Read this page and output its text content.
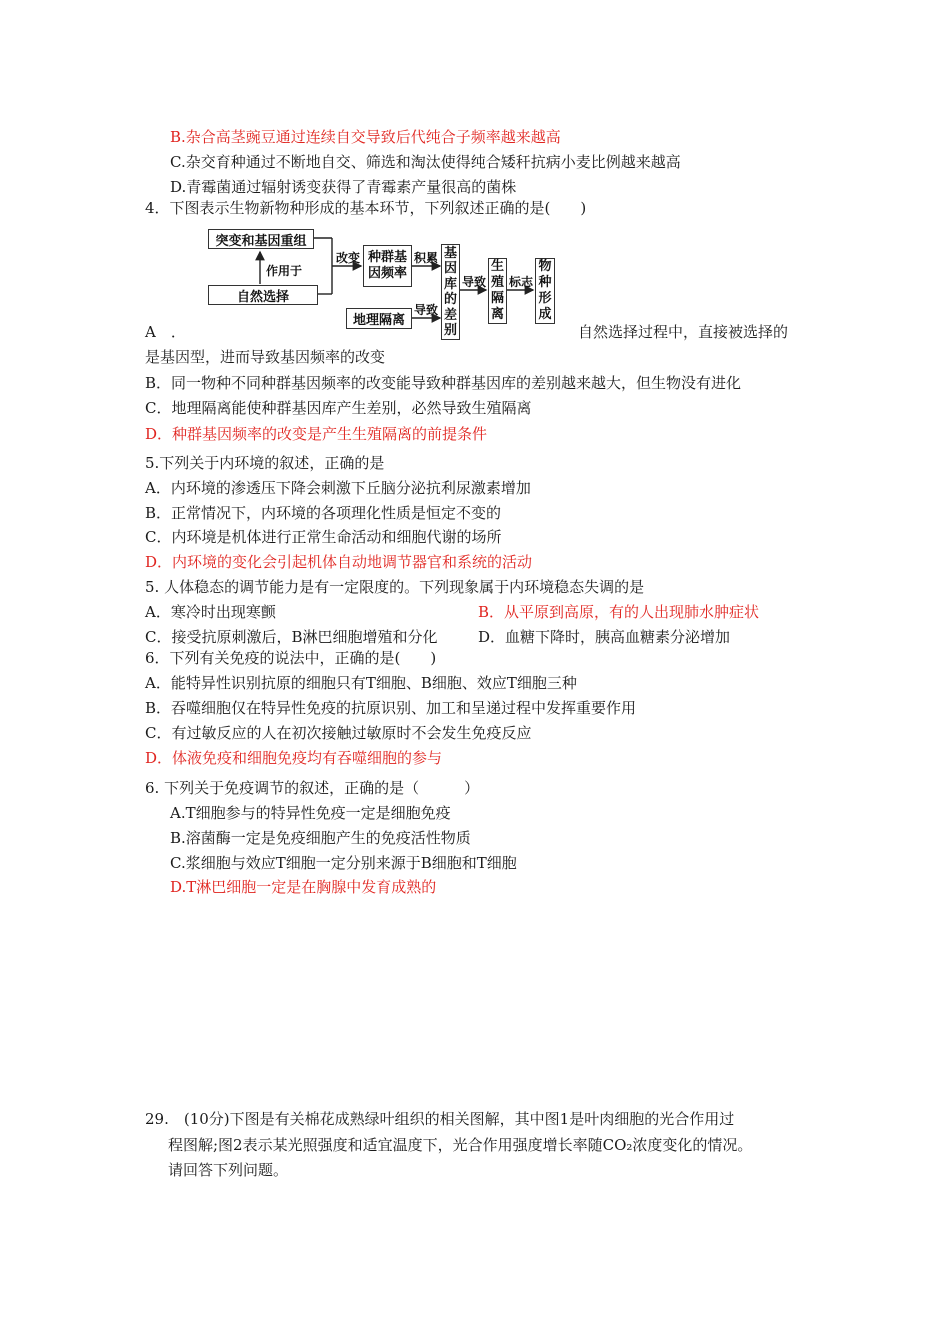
B.杂合高茎豌豆通过连续自交导致后代纯合子频率越来越高
C.杂交育种通过不断地自交、筛选和淘汰使得纯合矮秆抗病小麦比例越来越高
D.青霉菌通过辐射诱变获得了青霉素产量很高的菌株
4．下图表示生物新物种形成的基本环节，下列叙述正确的是(　　)
突变和基因重组
作用于
自然选择
改变 种群基
因频率
积累
地理隔离
导致
基
因
库
的
差
别
导致
生
殖
隔
离
标志
物
种
形
成
A　．	自然选择过程中，直接被选择的
是基因型，进而导致基因频率的改变
B．同一物种不同种群基因频率的改变能导致种群基因库的差别越来越大，但生物没有进化
C．地理隔离能使种群基因库产生差别，必然导致生殖隔离
D．种群基因频率的改变是产生生殖隔离的前提条件
5.下列关于内环境的叙述，正确的是
A．内环境的渗透压下降会刺激下丘脑分泌抗利尿激素增加
B．正常情况下，内环境的各项理化性质是恒定不变的
C．内环境是机体进行正常生命活动和细胞代谢的场所
D．内环境的变化会引起机体自动地调节器官和系统的活动
5. 人体稳态的调节能力是有一定限度的。下列现象属于内环境稳态失调的是
A．寒冷时出现寒颤	B．从平原到高原，有的人出现肺水肿症状
C．接受抗原刺激后，B淋巴细胞增殖和分化	D．血糖下降时，胰高血糖素分泌增加
6．下列有关免疫的说法中，正确的是(　　)
A．能特异性识别抗原的细胞只有T细胞、B细胞、效应T细胞三种
B．吞噬细胞仅在特异性免疫的抗原识别、加工和呈递过程中发挥重要作用
C．有过敏反应的人在初次接触过敏原时不会发生免疫反应
D．体液免疫和细胞免疫均有吞噬细胞的参与
6. 下列关于免疫调节的叙述，正确的是（　　　）
A.T细胞参与的特异性免疫一定是细胞免疫
B.溶菌酶一定是免疫细胞产生的免疫活性物质
C.浆细胞与效应T细胞一定分别来源于B细胞和T细胞
D.T淋巴细胞一定是在胸腺中发育成熟的
29.　(10分)下图是有关棉花成熟绿叶组织的相关图解，其中图1是叶肉细胞的光合作用过
程图解;图2表示某光照强度和适宜温度下，光合作用强度增长率随CO₂浓度变化的情况。
请回答下列问题。
